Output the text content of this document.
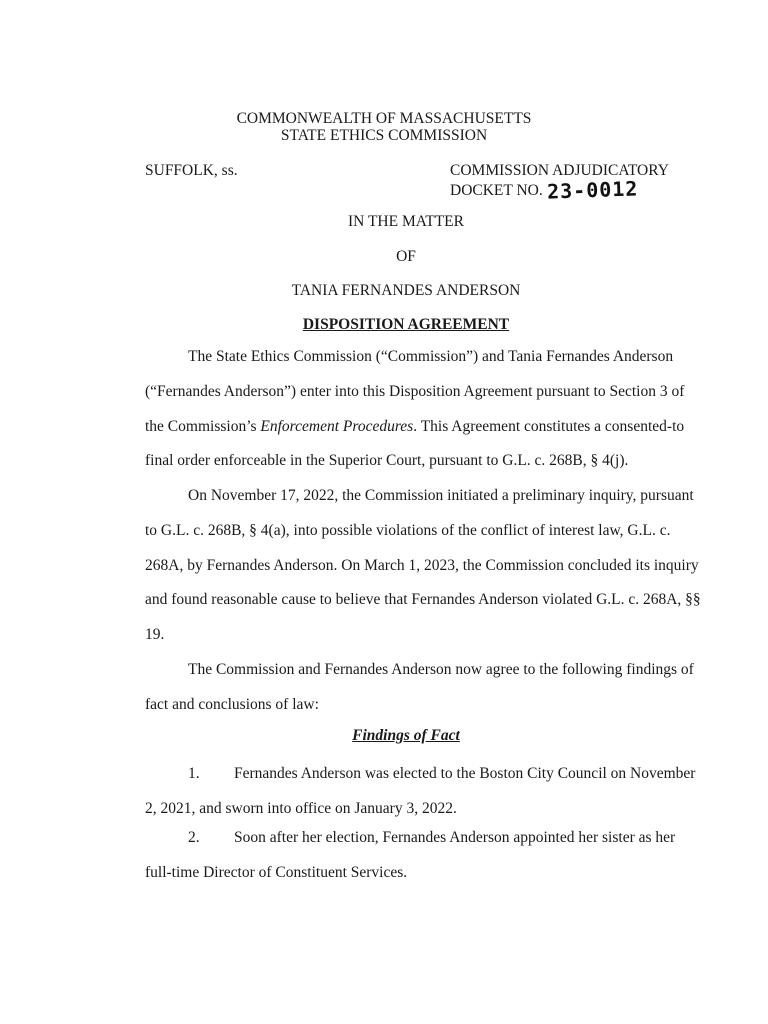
COMMONWEALTH OF MASSACHUSETTS

STATE ETHICS COMMISSION

SUFFOLK, ss.	COMMISSION ADJUDICATORY

DOCKET NO. 23-0012

IN THE MATTER

OF

TANIA FERNANDES ANDERSON

DISPOSITION AGREEMENT

The State Ethics Commission (“Commission”) and Tania Fernandes Anderson
(“Fernandes Anderson”) enter into this Disposition Agreement pursuant to Section 3 of
the Commission’s Enforcement Procedures. This Agreement constitutes a consented-to
final order enforceable in the Superior Court, pursuant to G.L. c. 268B, § 4(j).
On November 17, 2022, the Commission initiated a preliminary inquiry, pursuant
to G.L. c. 268B, § 4(a), into possible violations of the conflict of interest law, G.L. c.
268A, by Fernandes Anderson. On March 1, 2023, the Commission concluded its inquiry
and found reasonable cause to believe that Fernandes Anderson violated G.L. c. 268A, §§
19.
The Commission and Fernandes Anderson now agree to the following findings of
fact and conclusions of law:

Findings of Fact

1. Fernandes Anderson was elected to the Boston City Council on November
2, 2021, and sworn into office on January 3, 2022.
2. Soon after her election, Fernandes Anderson appointed her sister as her
full-time Director of Constituent Services.
